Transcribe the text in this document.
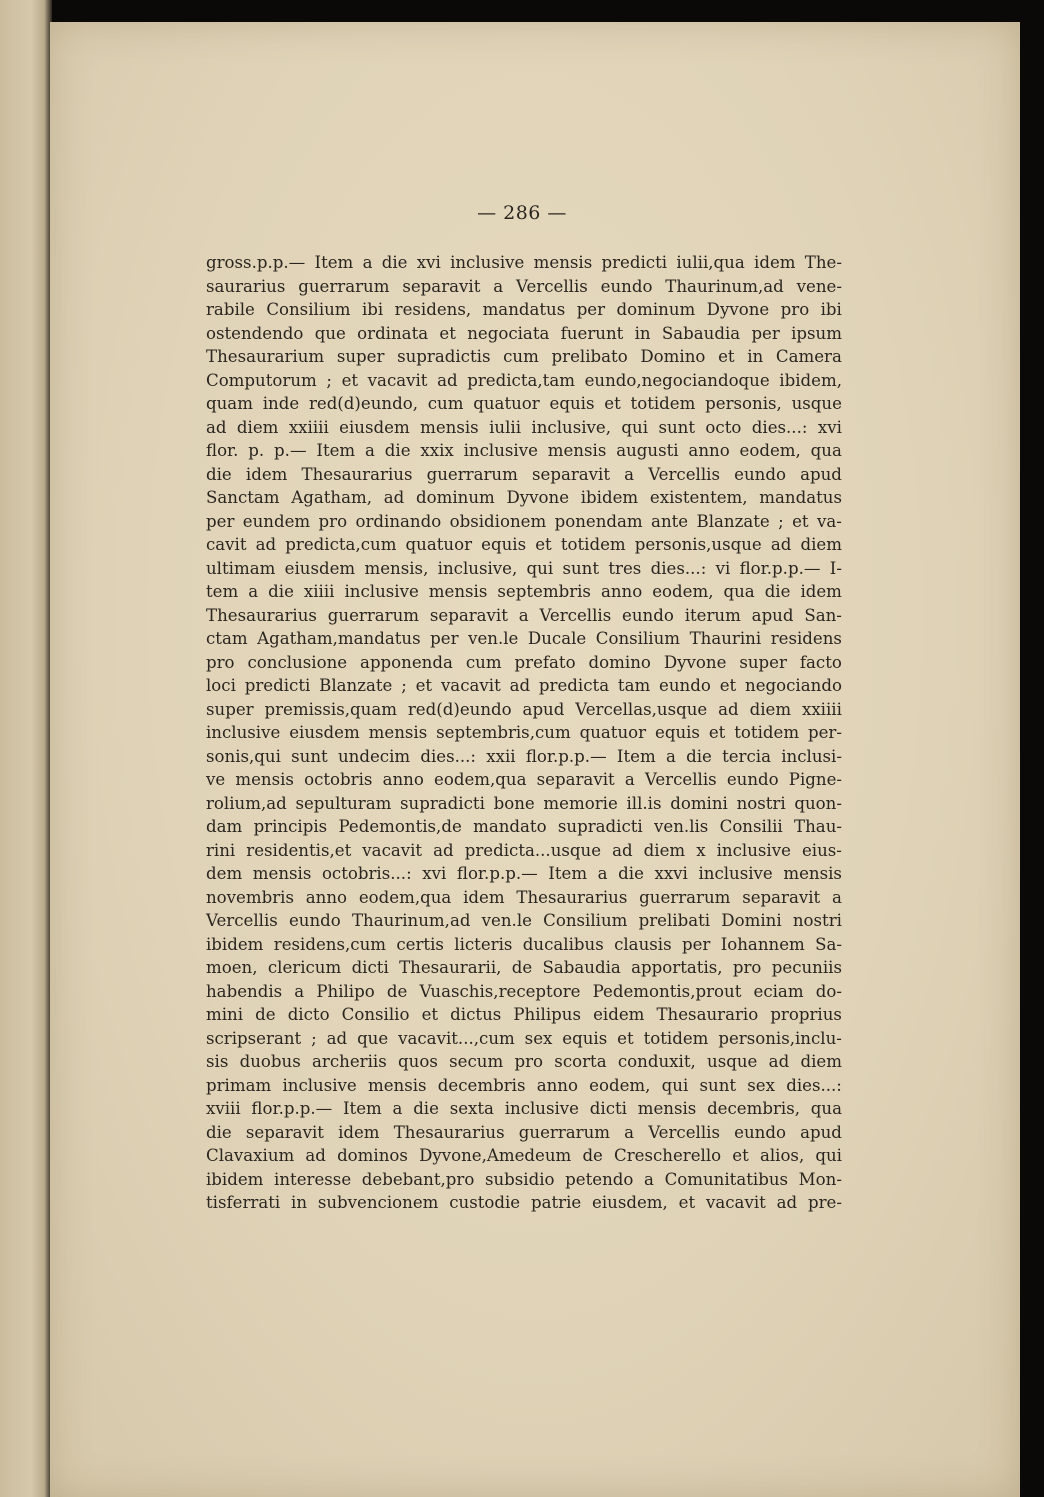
— 286 —
gross.p.p.— Item a die xvi inclusive mensis predicti iulii,qua idem The-
saurarius guerrarum separavit a Vercellis eundo Thaurinum,ad vene-
rabile Consilium ibi residens, mandatus per dominum Dyvone pro ibi
ostendendo que ordinata et negociata fuerunt in Sabaudia per ipsum
Thesaurarium super supradictis cum prelibato Domino et in Camera
Computorum ; et vacavit ad predicta,tam eundo,negociandoque ibidem,
quam inde red(d)eundo, cum quatuor equis et totidem personis, usque
ad diem xxiiii eiusdem mensis iulii inclusive, qui sunt octo dies...: xvi
flor. p. p.— Item a die xxix inclusive mensis augusti anno eodem, qua
die idem Thesaurarius guerrarum separavit a Vercellis eundo apud
Sanctam Agatham, ad dominum Dyvone ibidem existentem, mandatus
per eundem pro ordinando obsidionem ponendam ante Blanzate ; et va-
cavit ad predicta,cum quatuor equis et totidem personis,usque ad diem
ultimam eiusdem mensis, inclusive, qui sunt tres dies...: vi flor.p.p.— I-
tem a die xiiii inclusive mensis septembris anno eodem, qua die idem
Thesaurarius guerrarum separavit a Vercellis eundo iterum apud San-
ctam Agatham,mandatus per ven.le Ducale Consilium Thaurini residens
pro conclusione apponenda cum prefato domino Dyvone super facto
loci predicti Blanzate ; et vacavit ad predicta tam eundo et negociando
super premissis,quam red(d)eundo apud Vercellas,usque ad diem xxiiii
inclusive eiusdem mensis septembris,cum quatuor equis et totidem per-
sonis,qui sunt undecim dies...: xxii flor.p.p.— Item a die tercia inclusi-
ve mensis octobris anno eodem,qua separavit a Vercellis eundo Pigne-
rolium,ad sepulturam supradicti bone memorie ill.is domini nostri quon-
dam principis Pedemontis,de mandato supradicti ven.lis Consilii Thau-
rini residentis,et vacavit ad predicta...usque ad diem x inclusive eius-
dem mensis octobris...: xvi flor.p.p.— Item a die xxvi inclusive mensis
novembris anno eodem,qua idem Thesaurarius guerrarum separavit a
Vercellis eundo Thaurinum,ad ven.le Consilium prelibati Domini nostri
ibidem residens,cum certis licteris ducalibus clausis per Iohannem Sa-
moen, clericum dicti Thesaurarii, de Sabaudia apportatis, pro pecuniis
habendis a Philipo de Vuaschis,receptore Pedemontis,prout eciam do-
mini de dicto Consilio et dictus Philipus eidem Thesaurario proprius
scripserant ; ad que vacavit...,cum sex equis et totidem personis,inclu-
sis duobus archeriis quos secum pro scorta conduxit, usque ad diem
primam inclusive mensis decembris anno eodem, qui sunt sex dies...:
xviii flor.p.p.— Item a die sexta inclusive dicti mensis decembris, qua
die separavit idem Thesaurarius guerrarum a Vercellis eundo apud
Clavaxium ad dominos Dyvone,Amedeum de Crescherello et alios, qui
ibidem interesse debebant,pro subsidio petendo a Comunitatibus Mon-
tisferrati in subvencionem custodie patrie eiusdem, et vacavit ad pre-
